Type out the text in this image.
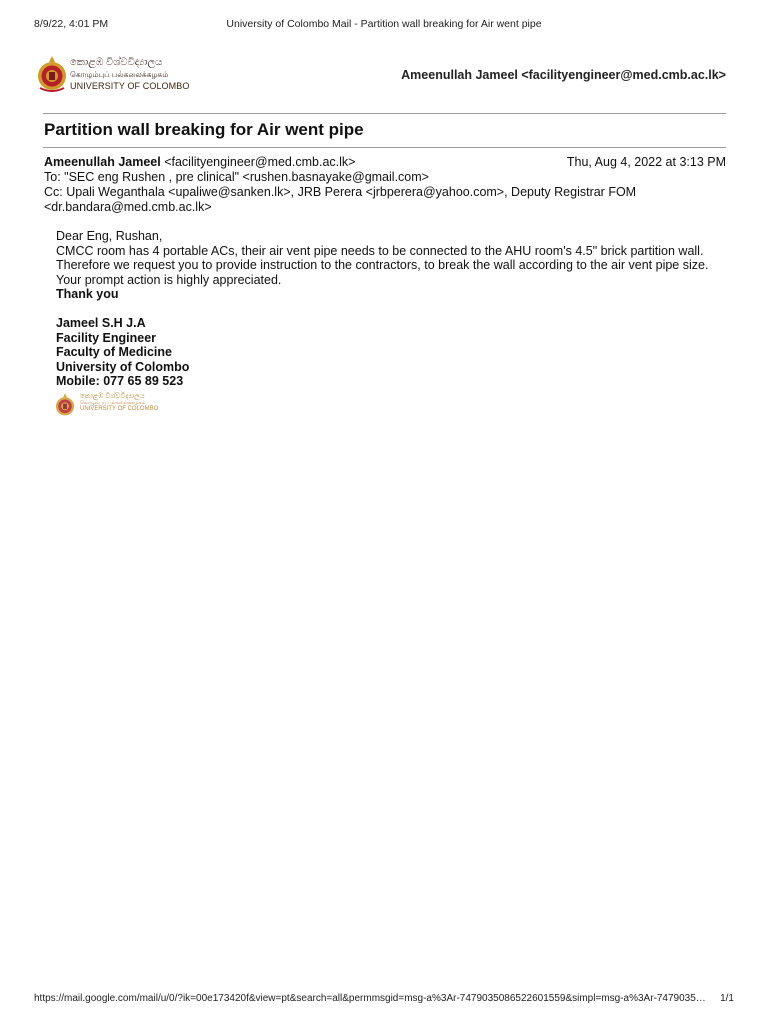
8/9/22, 4:01 PM	University of Colombo Mail - Partition wall breaking for Air went pipe
කොළඹ විශ්වවිද්‍යාලය
கொழும்புப் பல்கலைக்கழகம்
UNIVERSITY OF COLOMBO
Ameenullah Jameel <facilityengineer@med.cmb.ac.lk>
Partition wall breaking for Air went pipe
Ameenullah Jameel <facilityengineer@med.cmb.ac.lk>	Thu, Aug 4, 2022 at 3:13 PM
To: "SEC eng Rushen , pre clinical" <rushen.basnayake@gmail.com>
Cc: Upali Weganthala <upaliwe@sanken.lk>, JRB Perera <jrbperera@yahoo.com>, Deputy Registrar FOM
<dr.bandara@med.cmb.ac.lk>
Dear Eng, Rushan,
CMCC room has 4 portable ACs, their air vent pipe needs to be connected to the AHU room's 4.5" brick partition wall.
Therefore we request you to provide instruction to the contractors, to break the wall according to the air vent pipe size.
Your prompt action is highly appreciated.
Thank you
Jameel S.H J.A
Facility Engineer
Faculty of Medicine
University of Colombo
Mobile: 077 65 89 523
කොළඹ විශ්වවිද්‍යාලය
கொழும்புப் பல்கலைக்கழகம்
UNIVERSITY OF COLOMBO
https://mail.google.com/mail/u/0/?ik=00e173420f&view=pt&search=all&permmsgid=msg-a%3Ar-7479035086522601559&simpl=msg-a%3Ar-7479035…	1/1
